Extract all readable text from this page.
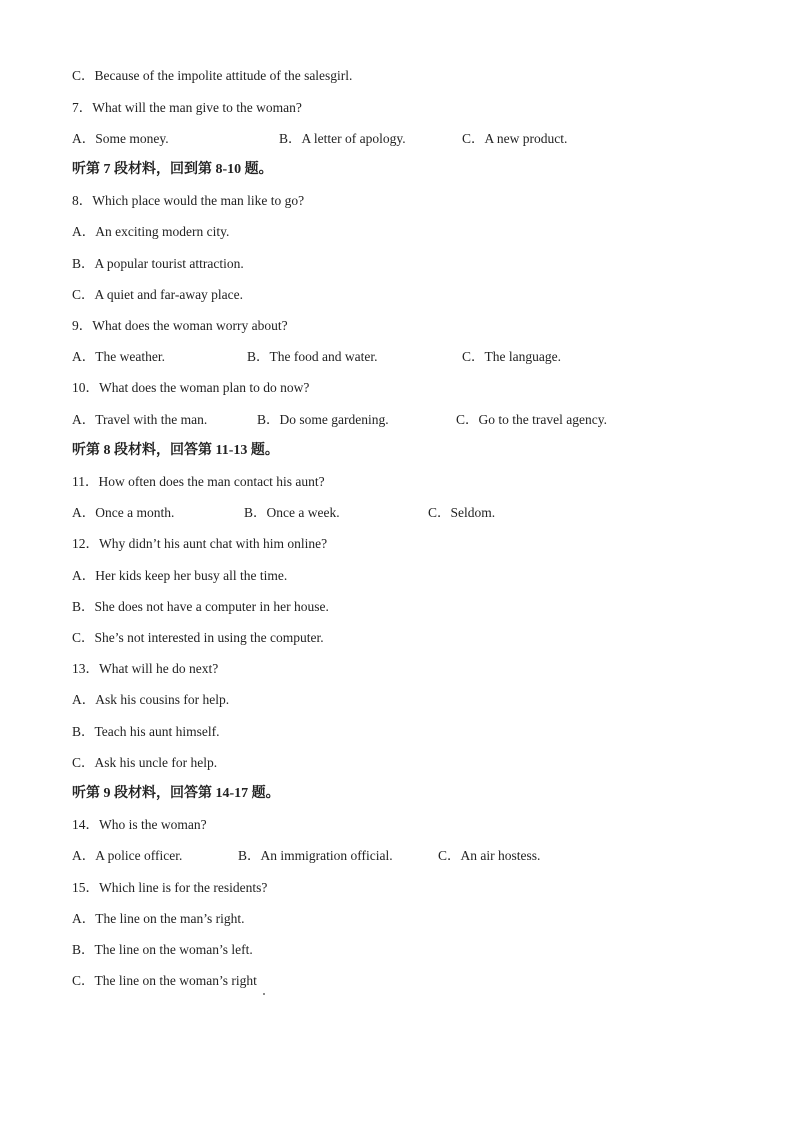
C．Because of the impolite attitude of the salesgirl.
7．What will the man give to the woman?
A．Some money.	B．A letter of apology.	C．A new product.
听第 7 段材料，回到第 8-10 题。
8．Which place would the man like to go?
A．An exciting modern city.
B．A popular tourist attraction.
C．A quiet and far-away place.
9．What does the woman worry about?
A．The weather.	B．The food and water.	C．The language.
10．What does the woman plan to do now?
A．Travel with the man.	B．Do some gardening.	C．Go to the travel agency.
听第 8 段材料，回答第 11-13 题。
11．How often does the man contact his aunt?
A．Once a month.	B．Once a week.	C．Seldom.
12．Why didn’t his aunt chat with him online?
A．Her kids keep her busy all the time.
B．She does not have a computer in her house.
C．She’s not interested in using the computer.
13．What will he do next?
A．Ask his cousins for help.
B．Teach his aunt himself.
C．Ask his uncle for help.
听第 9 段材料，回答第 14-17 题。
14．Who is the woman?
A．A police officer.	B．An immigration official.	C．An air hostess.
15．Which line is for the residents?
A．The line on the man’s right.
B．The line on the woman’s left.
C．The line on the woman’s right
